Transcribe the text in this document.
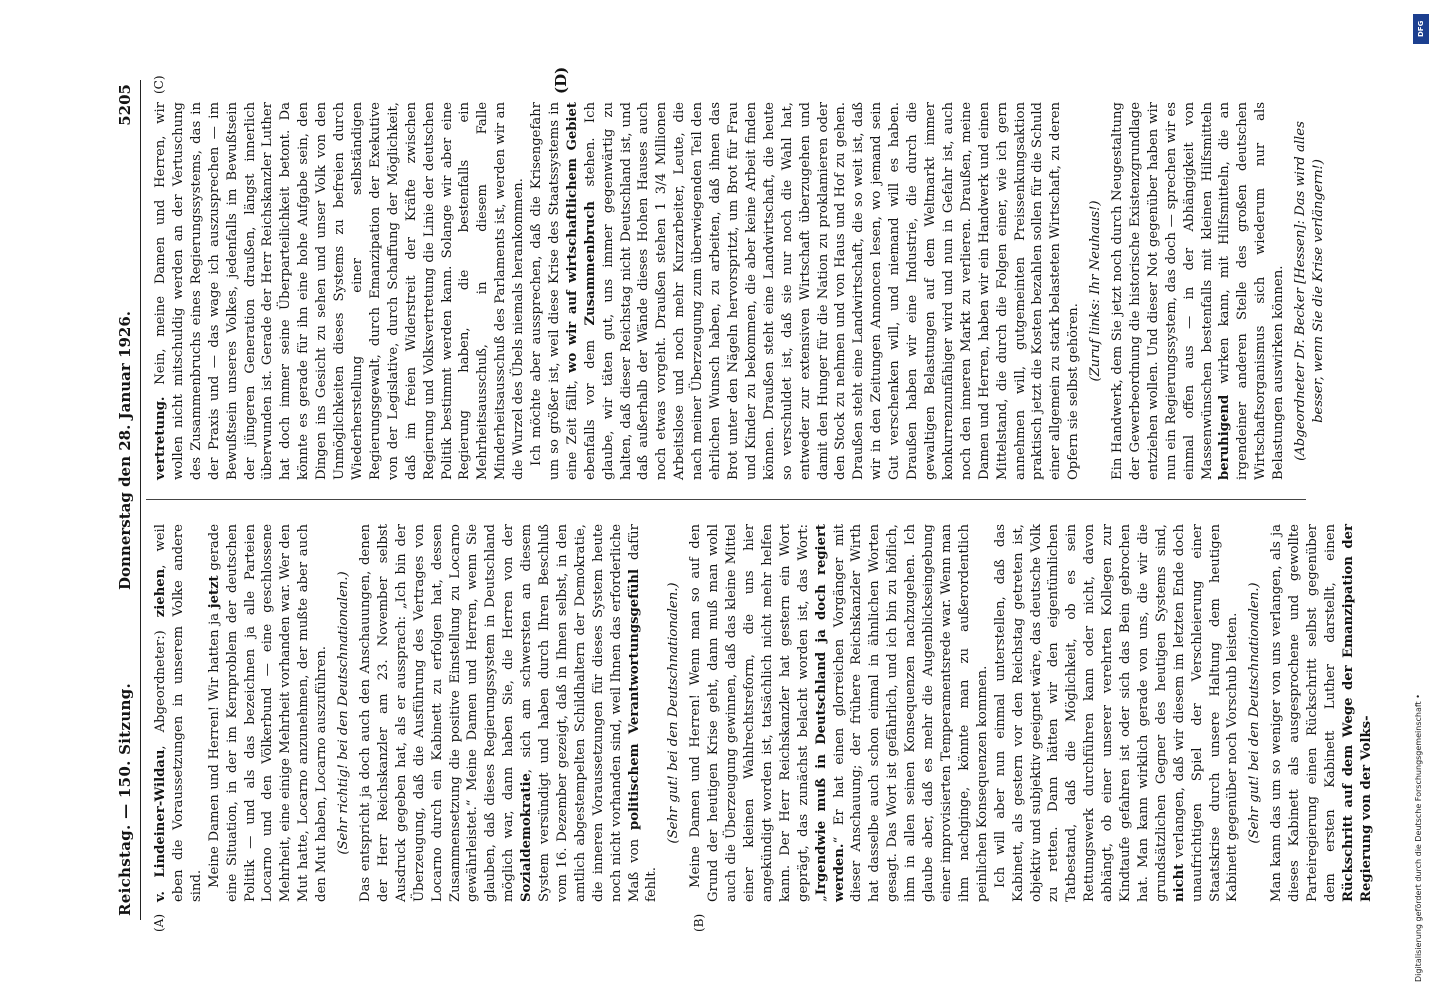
Reichstag. — 150. Sitzung.
Donnerstag den 28. Januar 1926.
5205
(A)	(B)
(C)	(D)

v. Lindeiner-Wildau, Abgeordneter:) ziehen, weil eben die Voraussetzungen in unserem Volke andere sind. Meine Damen und Herren! Wir hatten ja jetzt gerade eine Situation, in der im Kernproblem der deutschen Politik — und als das bezeichnen ja alle Parteien Locarno und den Völkerbund — eine geschlossene Mehrheit, eine einige Mehrheit vorhanden war. Wer den Mut hatte, Locarno anzunehmen, der mußte aber auch den Mut haben, Locarno auszuführen. (Sehr richtig! bei den Deutschnationalen.) Das entspricht ja doch auch den Anschauungen, denen der Herr Reichskanzler am 23. November selbst Ausdruck gegeben hat, als er aussprach: „Ich bin der Überzeugung, daß die Ausführung des Vertrages von Locarno durch ein Kabinett zu erfolgen hat, dessen Zusammensetzung die positive Einstellung zu Locarno gewährleistet.“ Meine Damen und Herren, wenn Sie glauben, daß dieses Regierungssystem in Deutschland möglich war, dann haben Sie, die Herren von der Sozialdemokratie, sich am schwersten an diesem System versündigt und haben durch Ihren Beschluß vom 16. Dezember gezeigt, daß in Ihnen selbst, in den amtlich abgestempelten Schildhaltern der Demokratie, die inneren Voraussetzungen für dieses System heute noch nicht vorhanden sind, weil Ihnen das erforderliche Maß von politischem Verantwortungsgefühl dafür fehlt.

(Sehr gut! bei den Deutschnationalen.) Meine Damen und Herren! Wenn man so auf den Grund der heutigen Krise geht, dann muß man wohl auch die Überzeugung gewinnen, daß das kleine Mittel einer kleinen Wahlrechtsreform, die uns hier angekündigt worden ist, tatsächlich nicht mehr helfen kann. Der Herr Reichskanzler hat gestern ein Wort geprägt, das zunächst belacht worden ist, das Wort: „Irgendwie muß in Deutschland ja doch regiert werden.“ Er hat einen glorreichen Vorgänger mit dieser Anschauung; der frühere Reichskanzler Wirth hat dasselbe auch schon einmal in ähnlichen Worten gesagt. Das Wort ist gefährlich, und ich bin zu höflich, ihm in allen seinen Konsequenzen nachzugehen. Ich glaube aber, daß es mehr die Augenblickseingebung einer improvisierten Temperamentsrede war. Wenn man ihm nachginge, könnte man zu außerordentlich peinlichen Konsequenzen kommen. Ich will aber nun einmal unterstellen, daß das Kabinett, als gestern vor den Reichstag getreten ist, objektiv und subjektiv geeignet wäre, das deutsche Volk zu retten. Dann hätten wir den eigentümlichen Tatbestand, daß die Möglichkeit, ob es sein Rettungswerk durchführen kann oder nicht, davon abhängt, ob einer unserer verehrten Kollegen zur Kindtaufe gefahren ist oder sich das Bein gebrochen hat. Man kann wirklich gerade von uns, die wir die grundsätzlichen Gegner des heutigen Systems sind, nicht verlangen, daß wir diesem im letzten Ende doch unaufrichtigen Spiel der Verschleierung einer Staatskrise durch unsere Haltung dem heutigen Kabinett gegenüber noch Vorschub leisten. (Sehr gut! bei den Deutschnationalen.) Man kann das um so weniger von uns verlangen, als ja dieses Kabinett als ausgesprochene und gewollte Parteiregierung einen Rückschritt selbst gegenüber dem ersten Kabinett Luther darstellt, einen Rückschritt auf dem Wege der Emanzipation der Regierung von der Volks-

vertretung. Nein, meine Damen und Herren, wir wollen nicht mitschuldig werden an der Vertuschung des Zusammenbruchs eines Regierungssystems, das in der Praxis und — das wage ich auszusprechen — im Bewußtsein unseres Volkes, jedenfalls im Bewußtsein der jüngeren Generation draußen, längst innerlich überwunden ist. Gerade der Herr Reichskanzler Luther hat doch immer seine Überparteilichkeit betont. Da könnte es gerade für ihn eine hohe Aufgabe sein, den Dingen ins Gesicht zu sehen und unser Volk von den Unmöglichkeiten dieses Systems zu befreien durch Wiederherstellung einer selbständigen Regierungsgewalt, durch Emanzipation der Exekutive von der Legislative, durch Schaffung der Möglichkeit, daß im freien Widerstreit der Kräfte zwischen Regierung und Volksvertretung die Linie der deutschen Politik bestimmt werden kann. Solange wir aber eine Regierung haben, die bestenfalls ein Mehrheitsausschuß, in diesem Falle Minderheitsausschuß des Parlaments ist, werden wir an die Wurzel des Übels niemals herankommen. Ich möchte aber aussprechen, daß die Krisengefahr um so größer ist, weil diese Krise des Staatssystems in eine Zeit fällt, wo wir auf wirtschaftlichem Gebiet ebenfalls vor dem Zusammenbruch stehen. Ich glaube, wir täten gut, uns immer gegenwärtig zu halten, daß dieser Reichstag nicht Deutschland ist, und daß außerhalb der Wände dieses Hohen Hauses auch noch etwas vorgeht. Draußen stehen 1 3/4 Millionen Arbeitslose und noch mehr Kurzarbeiter, Leute, die nach meiner Überzeugung zum überwiegenden Teil den ehrlichen Wunsch haben, zu arbeiten, daß ihnen das Brot unter den Nägeln hervorspritzt, um Brot für Frau und Kinder zu bekommen, die aber keine Arbeit finden können. Draußen steht eine Landwirtschaft, die heute so verschuldet ist, daß sie nur noch die Wahl hat, entweder zur extensiven Wirtschaft überzugehen und damit den Hunger für die Nation zu proklamieren oder den Stock zu nehmen und von Haus und Hof zu gehen. Draußen steht eine Landwirtschaft, die so weit ist, daß wir in den Zeitungen Annoncen lesen, wo jemand sein Gut verschenken will, und niemand will es haben. Draußen haben wir eine Industrie, die durch die gewaltigen Belastungen auf dem Weltmarkt immer konkurrenzunfähiger wird und nun in Gefahr ist, auch noch den inneren Markt zu verlieren. Draußen, meine Damen und Herren, haben wir ein Handwerk und einen Mittelstand, die durch die Folgen einer, wie ich gern annehmen will, gutgemeinten Preissenkungsaktion praktisch jetzt die Kosten bezahlen sollen für die Schuld einer allgemein zu stark belasteten Wirtschaft, zu deren Opfern sie selbst gehören.

(Zuruf links: Ihr Neuhaus!) Ein Handwerk, dem Sie jetzt noch durch Neugestaltung der Gewerbeordnung die historische Existenzgrundlage entziehen wollen. Und dieser Not gegenüber haben wir nun ein Regierungssystem, das doch — sprechen wir es einmal offen aus — in der Abhängigkeit von Massenwünschen bestenfalls mit kleinen Hilfsmitteln beruhigend wirken kann, mit Hilfsmitteln, die an irgendeiner anderen Stelle des großen deutschen Wirtschaftsorganismus sich wiederum nur als Belastungen auswirken können. (Abgeordneter Dr. Becker [Hessen]: Das wird alles besser, wenn Sie die Krise verlängern!)

DFG
Digitalisierung gefördert durch die Deutsche Forschungsgemeinschaft •
